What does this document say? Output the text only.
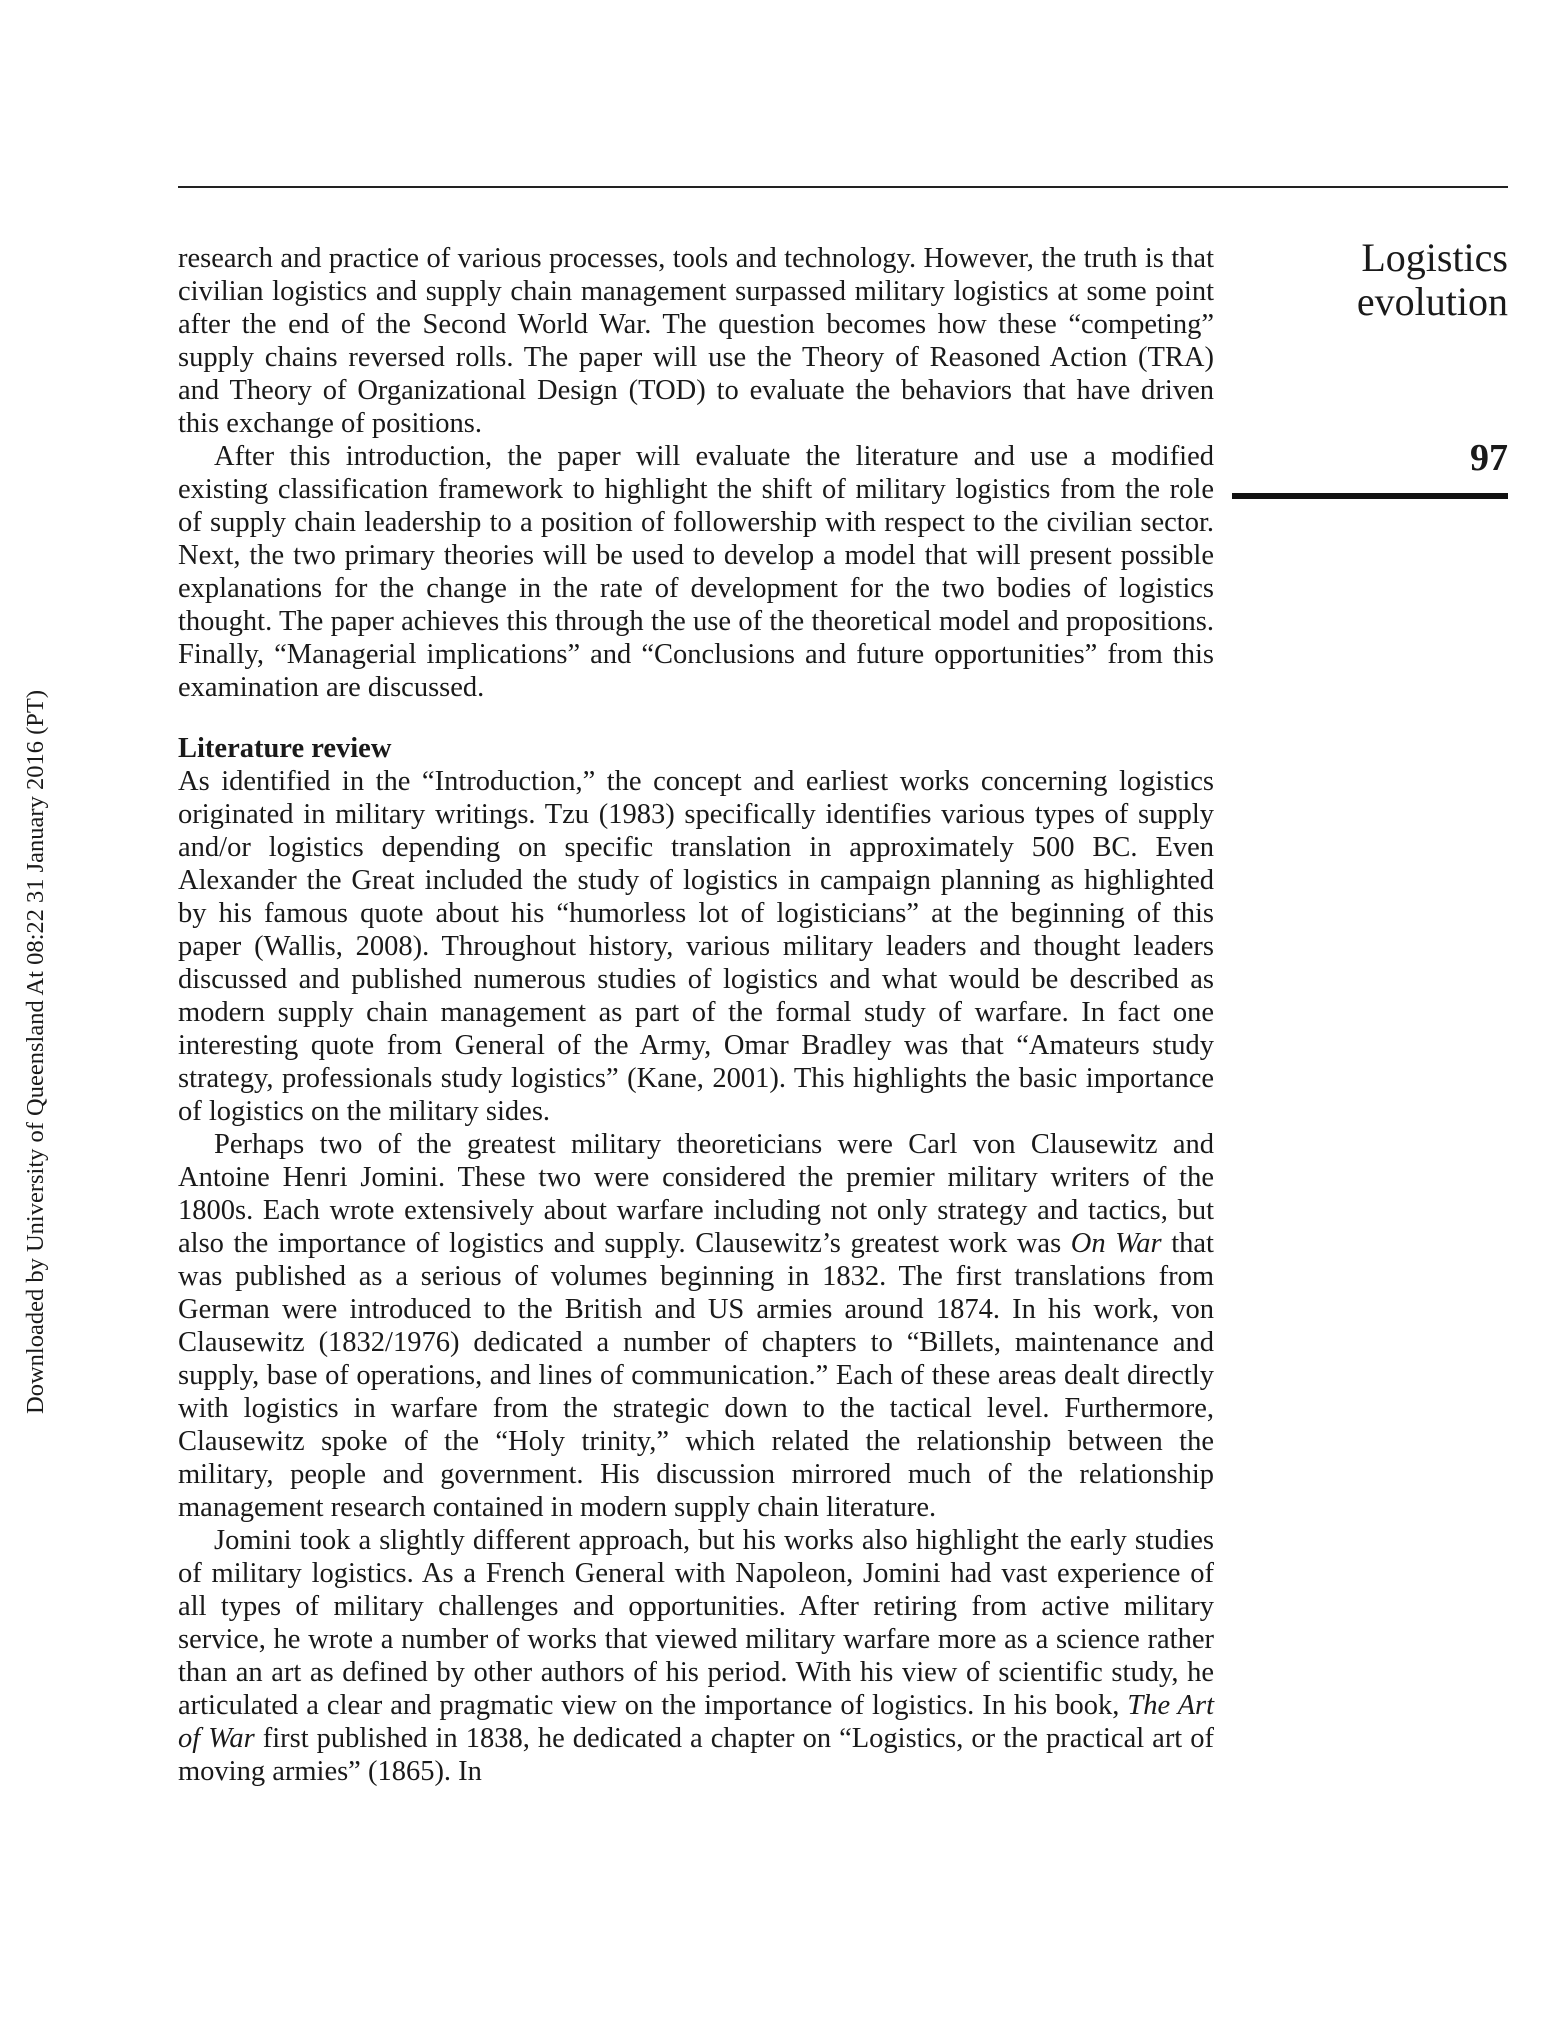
Logistics
evolution
97
Downloaded by University of Queensland At 08:22 31 January 2016 (PT)

research and practice of various processes, tools and technology. However, the truth is that civilian logistics and supply chain management surpassed military logistics at some point after the end of the Second World War. The question becomes how these “competing” supply chains reversed rolls. The paper will use the Theory of Reasoned Action (TRA) and Theory of Organizational Design (TOD) to evaluate the behaviors that have driven this exchange of positions.

After this introduction, the paper will evaluate the literature and use a modified existing classification framework to highlight the shift of military logistics from the role of supply chain leadership to a position of followership with respect to the civilian sector. Next, the two primary theories will be used to develop a model that will present possible explanations for the change in the rate of development for the two bodies of logistics thought. The paper achieves this through the use of the theoretical model and propositions. Finally, “Managerial implications” and “Conclusions and future opportunities” from this examination are discussed.

Literature review

As identified in the “Introduction,” the concept and earliest works concerning logistics originated in military writings. Tzu (1983) specifically identifies various types of supply and/or logistics depending on specific translation in approximately 500 BC. Even Alexander the Great included the study of logistics in campaign planning as highlighted by his famous quote about his “humorless lot of logisticians” at the beginning of this paper (Wallis, 2008). Throughout history, various military leaders and thought leaders discussed and published numerous studies of logistics and what would be described as modern supply chain management as part of the formal study of warfare. In fact one interesting quote from General of the Army, Omar Bradley was that “Amateurs study strategy, professionals study logistics” (Kane, 2001). This highlights the basic importance of logistics on the military sides.

Perhaps two of the greatest military theoreticians were Carl von Clausewitz and Antoine Henri Jomini. These two were considered the premier military writers of the 1800s. Each wrote extensively about warfare including not only strategy and tactics, but also the importance of logistics and supply. Clausewitz’s greatest work was On War that was published as a serious of volumes beginning in 1832. The first translations from German were introduced to the British and US armies around 1874. In his work, von Clausewitz (1832/1976) dedicated a number of chapters to “Billets, maintenance and supply, base of operations, and lines of communication.” Each of these areas dealt directly with logistics in warfare from the strategic down to the tactical level. Furthermore, Clausewitz spoke of the “Holy trinity,” which related the relationship between the military, people and government. His discussion mirrored much of the relationship management research contained in modern supply chain literature.

Jomini took a slightly different approach, but his works also highlight the early studies of military logistics. As a French General with Napoleon, Jomini had vast experience of all types of military challenges and opportunities. After retiring from active military service, he wrote a number of works that viewed military warfare more as a science rather than an art as defined by other authors of his period. With his view of scientific study, he articulated a clear and pragmatic view on the importance of logistics. In his book, The Art of War first published in 1838, he dedicated a chapter on “Logistics, or the practical art of moving armies” (1865). In
